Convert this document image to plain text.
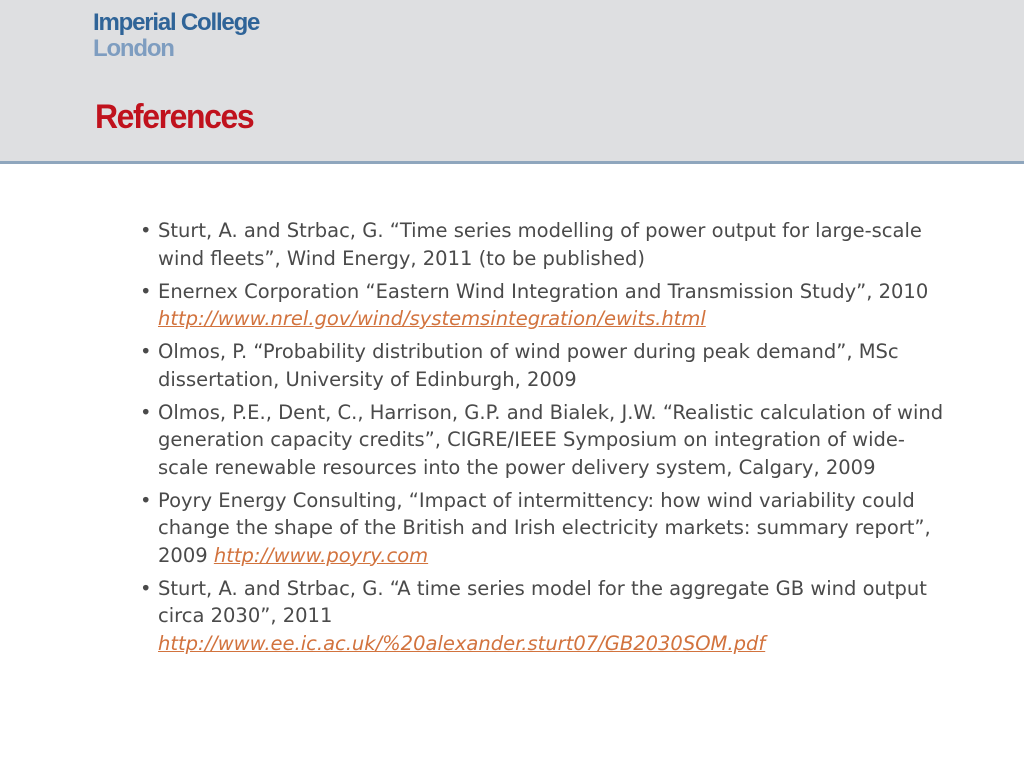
Imperial College
London
References
• Sturt, A. and Strbac, G. “Time series modelling of power output for large-scale wind fleets”, Wind Energy, 2011 (to be published)
• Enernex Corporation “Eastern Wind Integration and Transmission Study”, 2010
http://www.nrel.gov/wind/systemsintegration/ewits.html
• Olmos, P. “Probability distribution of wind power during peak demand”, MSc dissertation, University of Edinburgh, 2009
• Olmos, P.E., Dent, C., Harrison, G.P. and Bialek, J.W. “Realistic calculation of wind generation capacity credits”, CIGRE/IEEE Symposium on integration of wide-scale renewable resources into the power delivery system, Calgary, 2009
• Poyry Energy Consulting, “Impact of intermittency: how wind variability could change the shape of the British and Irish electricity markets: summary report”, 2009 http://www.poyry.com
• Sturt, A. and Strbac, G. “A time series model for the aggregate GB wind output circa 2030”, 2011
http://www.ee.ic.ac.uk/%20alexander.sturt07/GB2030SOM.pdf
